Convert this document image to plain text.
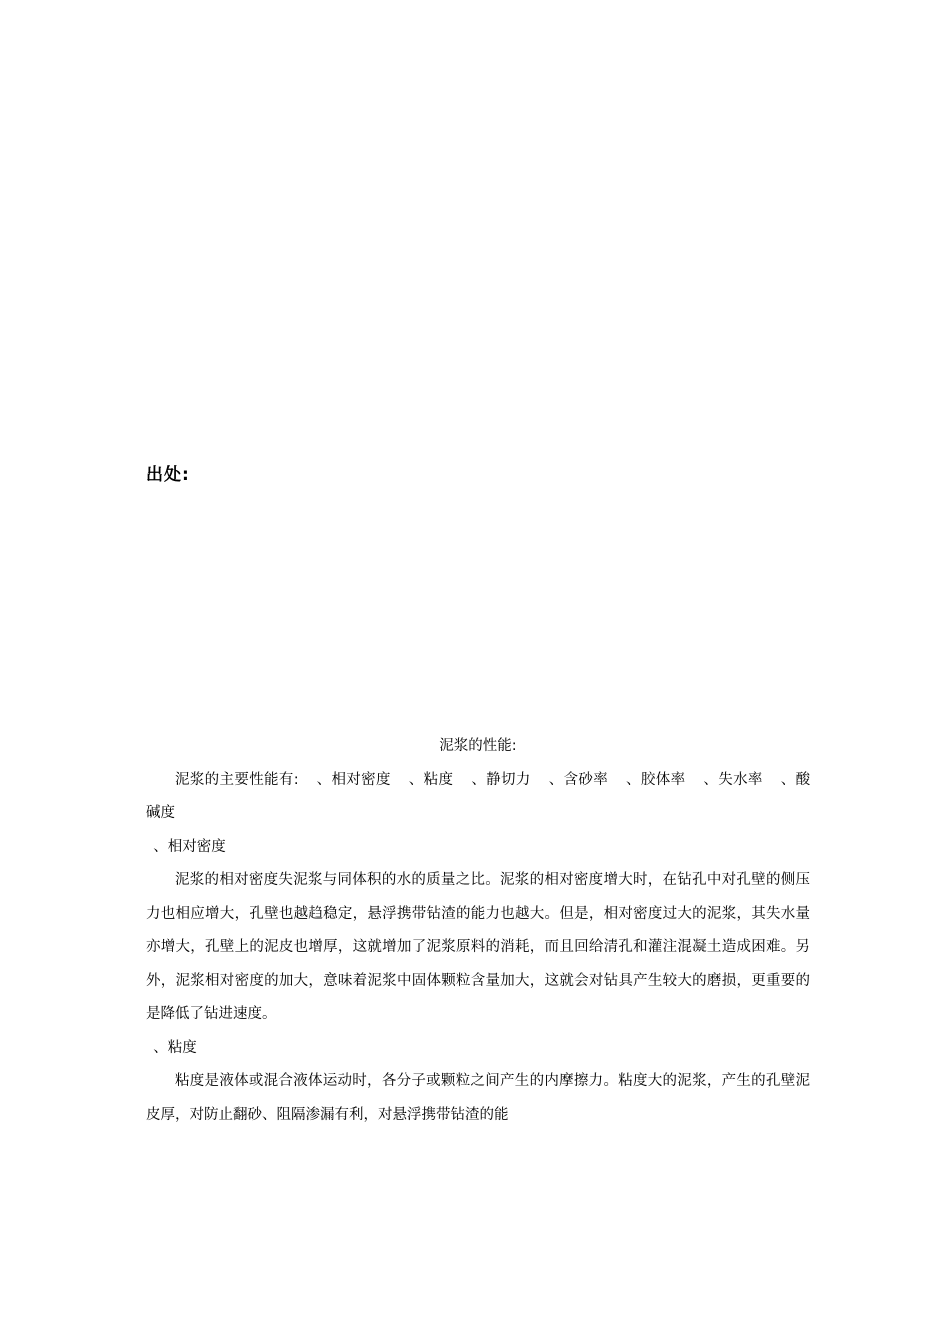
出处:

泥浆的性能:

泥浆的主要性能有: 、相对密度 、粘度 、静切力 、含砂率 、胶体率 、失水率 、酸碱度

、相对密度

泥浆的相对密度失泥浆与同体积的水的质量之比。泥浆的相对密度增大时，在钻孔中对孔壁的侧压力也相应增大，孔壁也越趋稳定，悬浮携带钻渣的能力也越大。但是，相对密度过大的泥浆，其失水量亦增大，孔壁上的泥皮也增厚，这就增加了泥浆原料的消耗，而且回给清孔和灌注混凝土造成困难。另外，泥浆相对密度的加大，意味着泥浆中固体颗粒含量加大，这就会对钻具产生较大的磨损，更重要的是降低了钻进速度。

、粘度

粘度是液体或混合液体运动时，各分子或颗粒之间产生的内摩擦力。粘度大的泥浆，产生的孔壁泥皮厚，对防止翻砂、阻隔渗漏有利，对悬浮携带钻渣的能
